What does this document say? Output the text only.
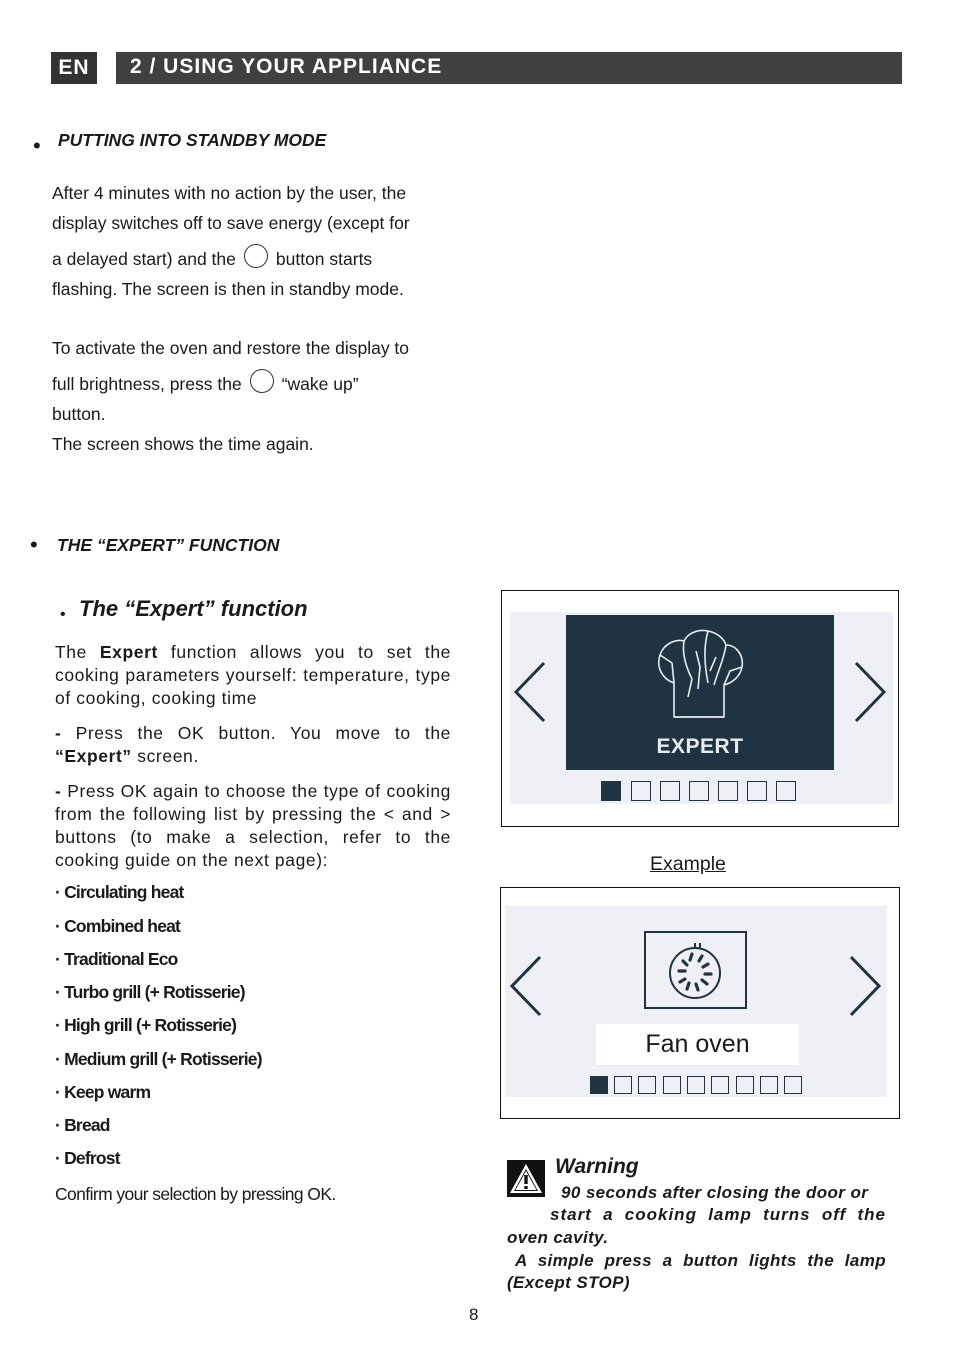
EN	2 / USING YOUR APPLIANCE
• PUTTING INTO STANDBY MODE
After 4 minutes with no action by the user, the
display switches off to save energy (except for
a delayed start) and the button starts
flashing. The screen is then in standby mode.
To activate the oven and restore the display to
full brightness, press the “wake up”
button.
The screen shows the time again.
• THE “EXPERT” FUNCTION
• The “Expert” function
The Expert function allows you to set the cooking parameters yourself: temperature, type of cooking, cooking time
- Press the OK button. You move to the “Expert” screen.
- Press OK again to choose the type of cooking from the following list by pressing the < and > buttons (to make a selection, refer to the cooking guide on the next page):
· Circulating heat
· Combined heat
· Traditional Eco
· Turbo grill (+ Rotisserie)
· High grill (+ Rotisserie)
· Medium grill (+ Rotisserie)
· Keep warm
· Bread
· Defrost
Confirm your selection by pressing OK.
EXPERT
Example
Fan oven
Warning
90 seconds after closing the door or
start a cooking lamp turns off the
oven cavity.
A simple press a button lights the lamp
(Except STOP)
8
